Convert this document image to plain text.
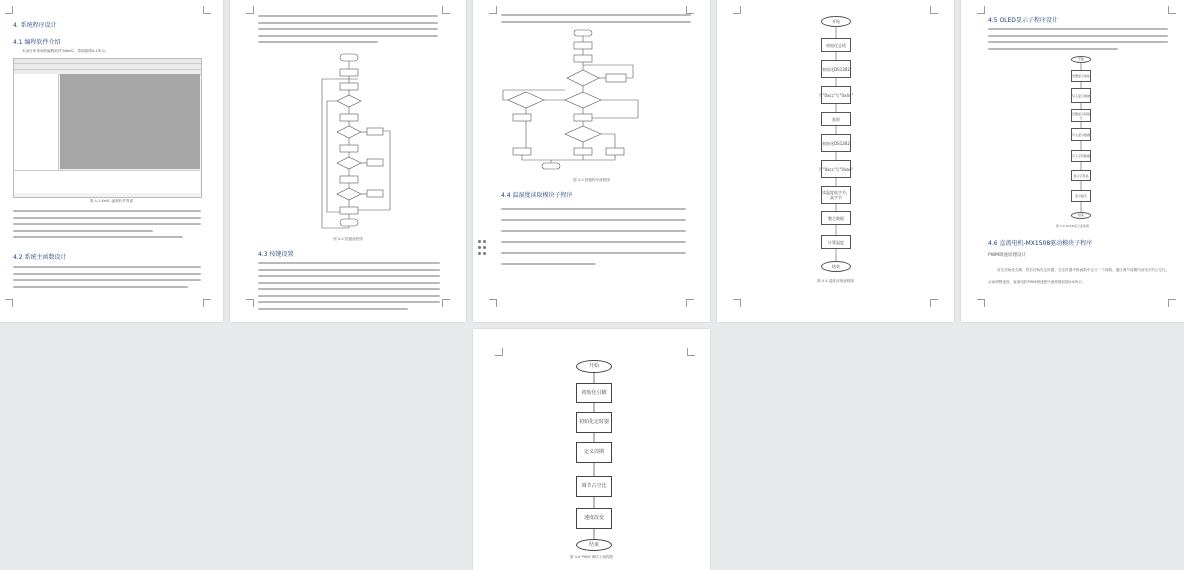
4. 系统程序设计
4.1 编程软件介绍
本设计所采用的编程软件为KeilC，界面如图4-1所示。
图 4-1 KeilC 编程软件界面
4.2 系统主函数设计
图 4-2 按键流程图
4.3 按键设置
图 4-3 按键程序流程图
4.4 温湿度读取模块子程序
开始
初始化总线
初始化DS1302
写"0xcc"写"0x44"
延时
初始化DS1302
写"0xcc"写"0xbe"
读温度低字节，高字节
整合数据
计算温度
结束
图 4-4 温度读取流程图
4.5 OLED显示子程序设计
开始
设置显示地址
写入显示数据
设置显示起始行
写入显示数据
写入字符数据
显示字符串
显示数字
结束
图 4-5 OLED显示流程图
4.6 直流电机-MX1508驱动模块子程序
PWM调速原理设计
首先初始化引脚，然后初始化定时器，在定时器中断函数中定义一个周期，通过调节周期内高电平的占空比，从而调整速度，直流电机PWM调速程序流程图如图4-6所示。
开始
初始化引脚
初始化定时器
定义周期
调节占空比
速度改变
结束
图 4-6 PWM 调试子流程图
